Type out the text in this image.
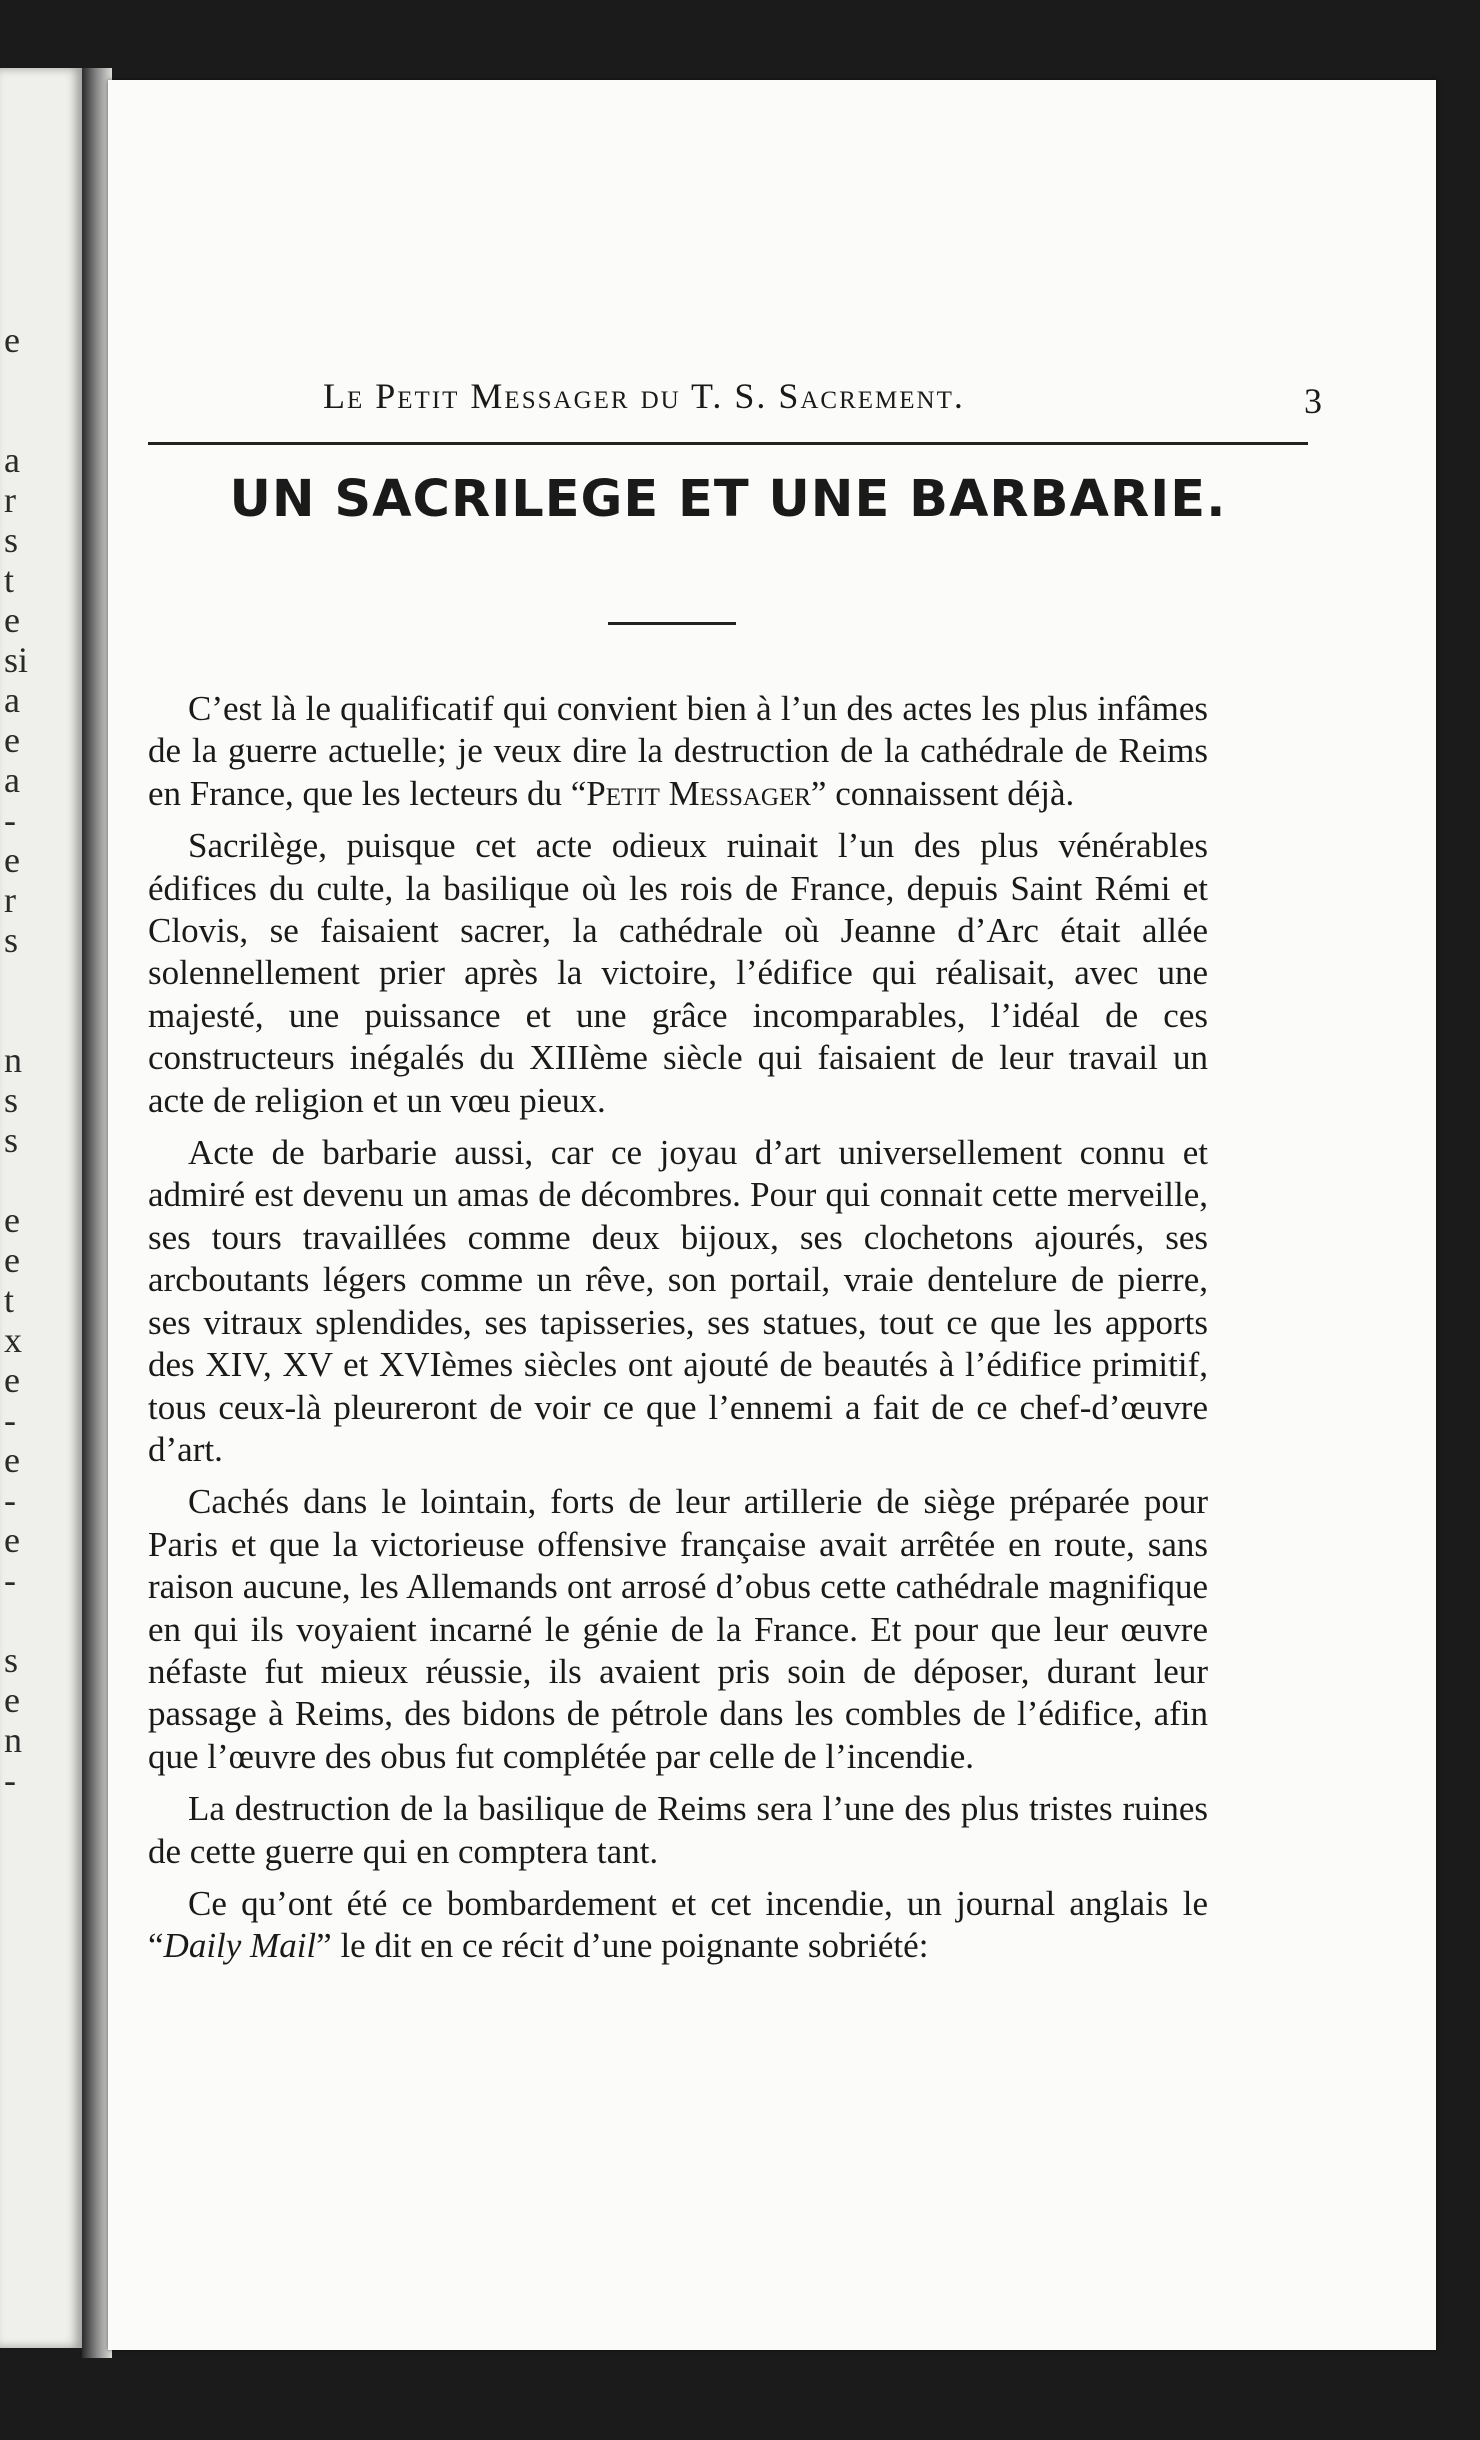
e
a
r
s
t
e
si
a
e
a
-
e
r
s
n
s
s
e
e
t
x
e
-
e
-
e
-
s
e
n
-
Le Petit Messager du T. S. Sacrement.	3
UN SACRILEGE ET UNE BARBARIE.

C’est là le qualificatif qui convient bien à l’un des actes les plus infâmes de la guerre actuelle; je veux dire la destruction de la cathédrale de Reims en France, que les lecteurs du “Petit Messager” connaissent déjà.

Sacrilège, puisque cet acte odieux ruinait l’un des plus vénérables édifices du culte, la basilique où les rois de France, depuis Saint Rémi et Clovis, se faisaient sacrer, la cathédrale où Jeanne d’Arc était allée solennellement prier après la victoire, l’édifice qui réalisait, avec une majesté, une puissance et une grâce incomparables, l’idéal de ces constructeurs inégalés du XIIIème siècle qui faisaient de leur travail un acte de religion et un vœu pieux.

Acte de barbarie aussi, car ce joyau d’art universellement connu et admiré est devenu un amas de décombres. Pour qui connait cette merveille, ses tours travaillées comme deux bijoux, ses clochetons ajourés, ses arcboutants légers comme un rêve, son portail, vraie dentelure de pierre, ses vitraux splendides, ses tapisseries, ses statues, tout ce que les apports des XIV, XV et XVIèmes siècles ont ajouté de beautés à l’édifice primitif, tous ceux-là pleureront de voir ce que l’ennemi a fait de ce chef-d’œuvre d’art.

Cachés dans le lointain, forts de leur artillerie de siège préparée pour Paris et que la victorieuse offensive française avait arrêtée en route, sans raison aucune, les Allemands ont arrosé d’obus cette cathédrale magnifique en qui ils voyaient incarné le génie de la France. Et pour que leur œuvre néfaste fut mieux réussie, ils avaient pris soin de déposer, durant leur passage à Reims, des bidons de pétrole dans les combles de l’édifice, afin que l’œuvre des obus fut complétée par celle de l’incendie.

La destruction de la basilique de Reims sera l’une des plus tristes ruines de cette guerre qui en comptera tant.

Ce qu’ont été ce bombardement et cet incendie, un journal anglais le “Daily Mail” le dit en ce récit d’une poignante sobriété:
